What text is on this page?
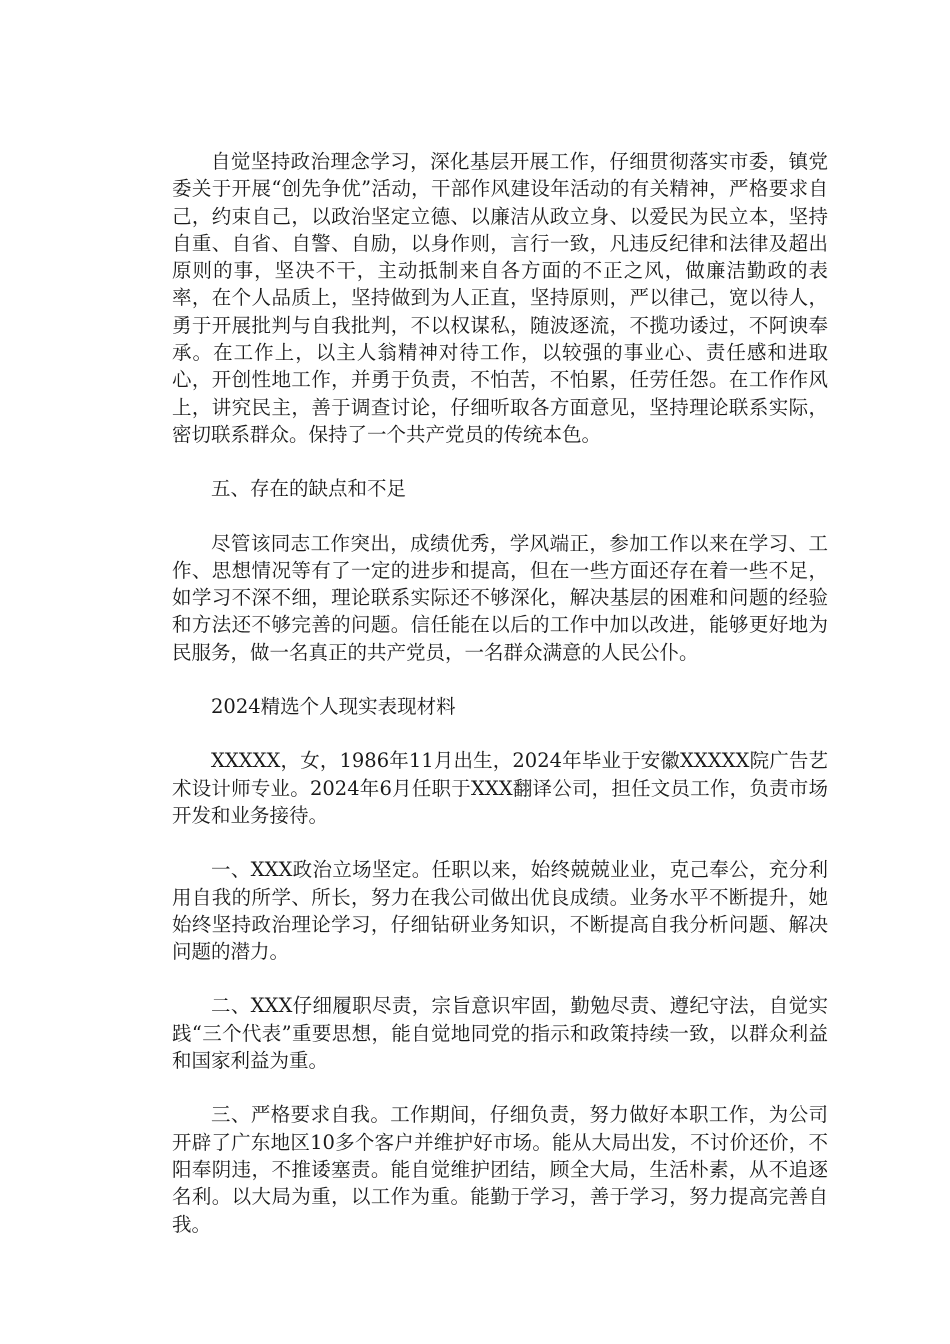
自觉坚持政治理念学习，深化基层开展工作，仔细贯彻落实市委，镇党委关于开展“创先争优”活动，干部作风建设年活动的有关精神，严格要求自己，约束自己，以政治坚定立德、以廉洁从政立身、以爱民为民立本，坚持自重、自省、自警、自励，以身作则，言行一致，凡违反纪律和法律及超出原则的事，坚决不干，主动抵制来自各方面的不正之风，做廉洁勤政的表率，在个人品质上，坚持做到为人正直，坚持原则，严以律己，宽以待人，勇于开展批判与自我批判，不以权谋私，随波逐流，不揽功诿过，不阿谀奉承。在工作上，以主人翁精神对待工作，以较强的事业心、责任感和进取心，开创性地工作，并勇于负责，不怕苦，不怕累，任劳任怨。在工作作风上，讲究民主，善于调查讨论，仔细听取各方面意见，坚持理论联系实际，密切联系群众。保持了一个共产党员的传统本色。

五、存在的缺点和不足

尽管该同志工作突出，成绩优秀，学风端正，参加工作以来在学习、工作、思想情况等有了一定的进步和提高，但在一些方面还存在着一些不足，如学习不深不细，理论联系实际还不够深化，解决基层的困难和问题的经验和方法还不够完善的问题。信任能在以后的工作中加以改进，能够更好地为民服务，做一名真正的共产党员，一名群众满意的人民公仆。

2024精选个人现实表现材料

XXXXX，女，1986年11月出生，2024年毕业于安徽XXXXX院广告艺术设计师专业。2024年6月任职于XXX翻译公司，担任文员工作，负责市场开发和业务接待。

一、XXX政治立场坚定。任职以来，始终兢兢业业，克己奉公，充分利用自我的所学、所长，努力在我公司做出优良成绩。业务水平不断提升，她始终坚持政治理论学习，仔细钻研业务知识，不断提高自我分析问题、解决问题的潜力。

二、XXX仔细履职尽责，宗旨意识牢固，勤勉尽责、遵纪守法，自觉实践“三个代表”重要思想，能自觉地同党的指示和政策持续一致，以群众利益和国家利益为重。

三、严格要求自我。工作期间，仔细负责，努力做好本职工作，为公司开辟了广东地区10多个客户并维护好市场。能从大局出发，不讨价还价，不阳奉阴违，不推诿塞责。能自觉维护团结，顾全大局，生活朴素，从不追逐名利。以大局为重，以工作为重。能勤于学习，善于学习，努力提高完善自我。
